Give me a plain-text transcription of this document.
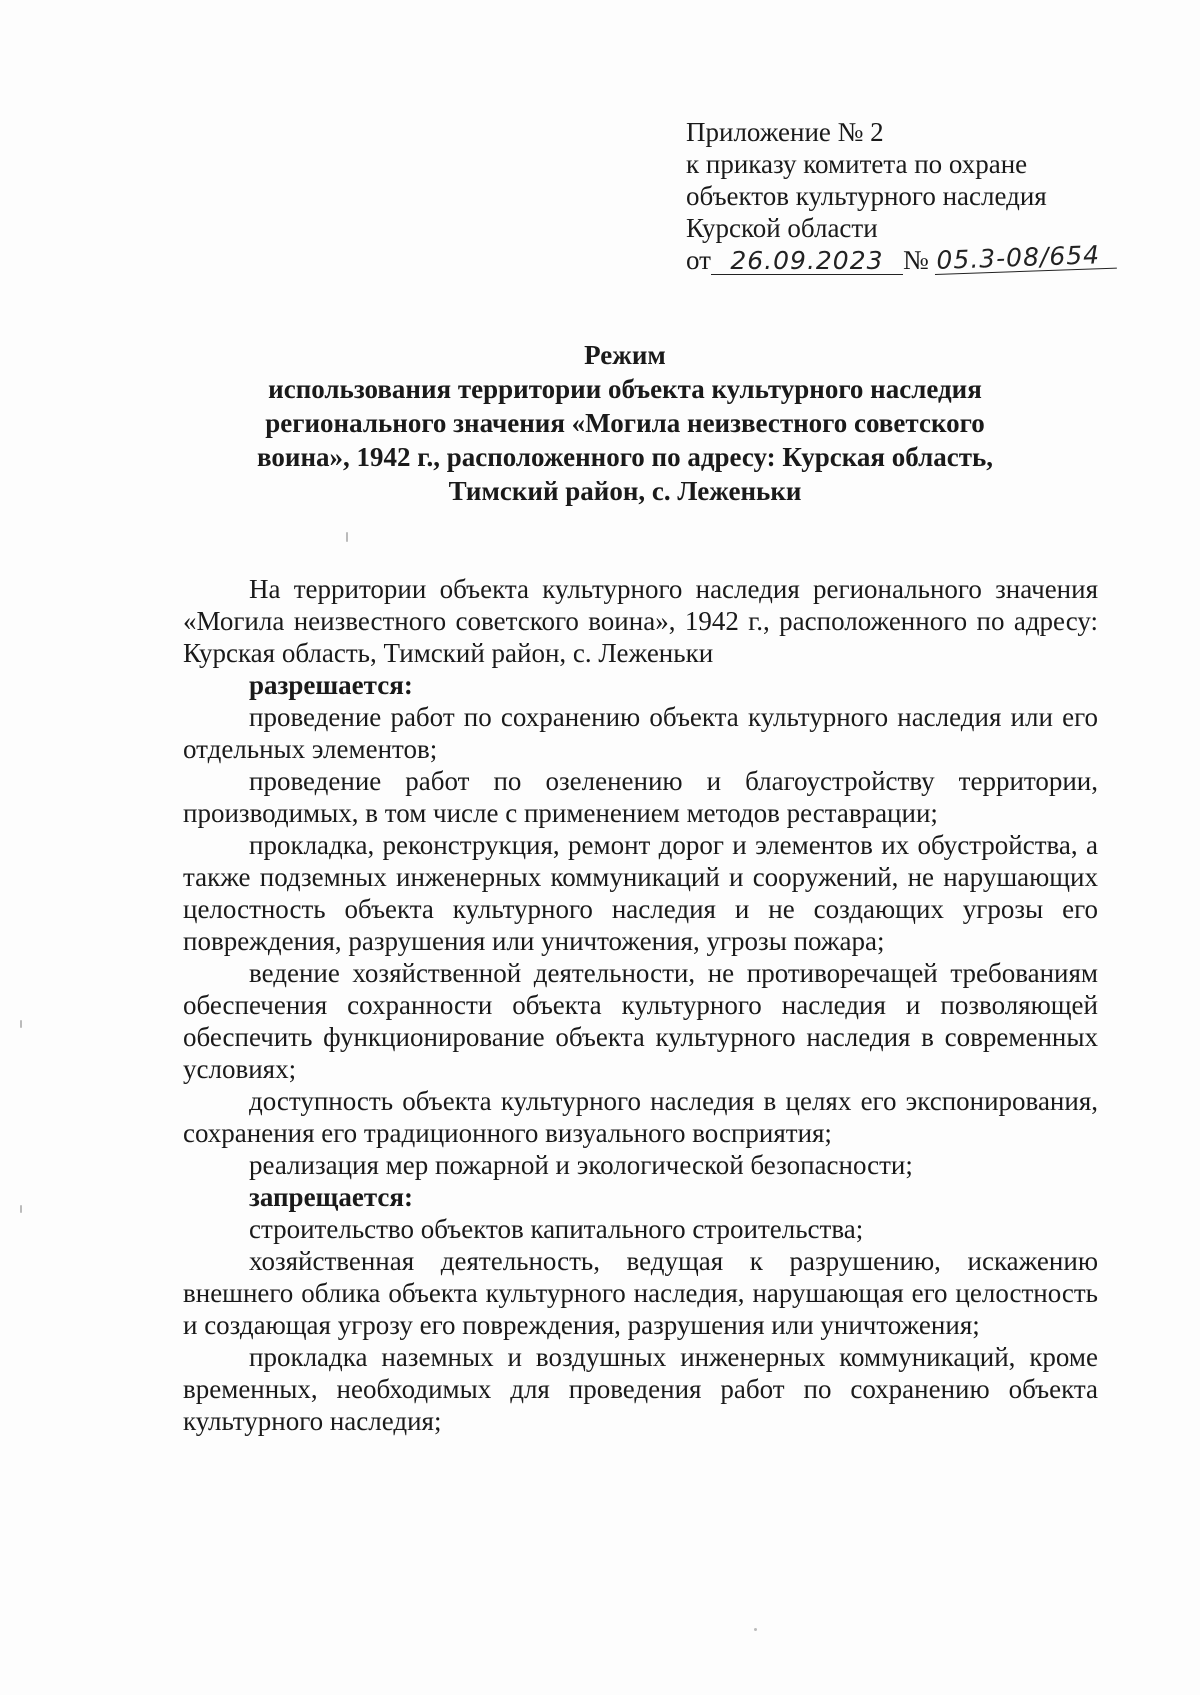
Приложение № 2
к приказу комитета по охране
объектов культурного наследия
Курской области
от 26.09.2023 № 05.3-08/654
Режим
использования территории объекта культурного наследия
регионального значения «Могила неизвестного советского
воина», 1942 г., расположенного по адресу: Курская область,
Тимский район, с. Леженьки

На территории объекта культурного наследия регионального значения «Могила неизвестного советского воина», 1942 г., расположенного по адресу: Курская область, Тимский район, с. Леженьки

разрешается:

проведение работ по сохранению объекта культурного наследия или его отдельных элементов;

проведение работ по озеленению и благоустройству территории, производимых, в том числе с применением методов реставрации;

прокладка, реконструкция, ремонт дорог и элементов их обустройства, а также подземных инженерных коммуникаций и сооружений, не нарушающих целостность объекта культурного наследия и не создающих угрозы его повреждения, разрушения или уничтожения, угрозы пожара;

ведение хозяйственной деятельности, не противоречащей требованиям обеспечения сохранности объекта культурного наследия и позволяющей обеспечить функционирование объекта культурного наследия в современных условиях;

доступность объекта культурного наследия в целях его экспонирования, сохранения его традиционного визуального восприятия;

реализация мер пожарной и экологической безопасности;

запрещается:

строительство объектов капитального строительства;

хозяйственная деятельность, ведущая к разрушению, искажению внешнего облика объекта культурного наследия, нарушающая его целостность и создающая угрозу его повреждения, разрушения или уничтожения;

прокладка наземных и воздушных инженерных коммуникаций, кроме временных, необходимых для проведения работ по сохранению объекта культурного наследия;
